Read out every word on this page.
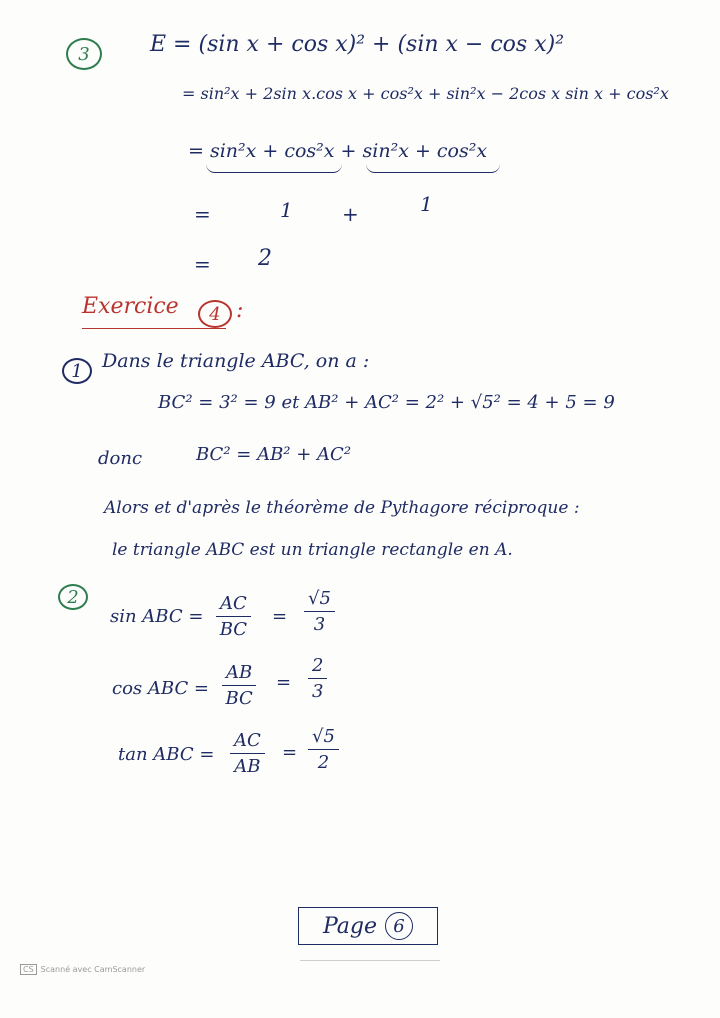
3	E = (sin x + cos x)² + (sin x − cos x)²
= sin²x + 2sin x.cos x + cos²x + sin²x − 2cos x sin x + cos²x
= sin²x + cos²x + sin²x + cos²x
=	1 +	1
= 2
Exercice 4 :
1 Dans le triangle ABC, on a :
BC² = 3² = 9 et AB² + AC² = 2² + √5² = 4 + 5 = 9
donc	BC² = AB² + AC²
Alors et d'après le théorème de Pythagore réciproque :
le triangle ABC est un triangle rectangle en A.
2
sin ABC =
AC
BC
=
√5
3
cos ABC =
AB
BC
=
2
3
tan ABC =
AC
AB
=
√5
2
Page 6
CS Scanné avec CamScanner
